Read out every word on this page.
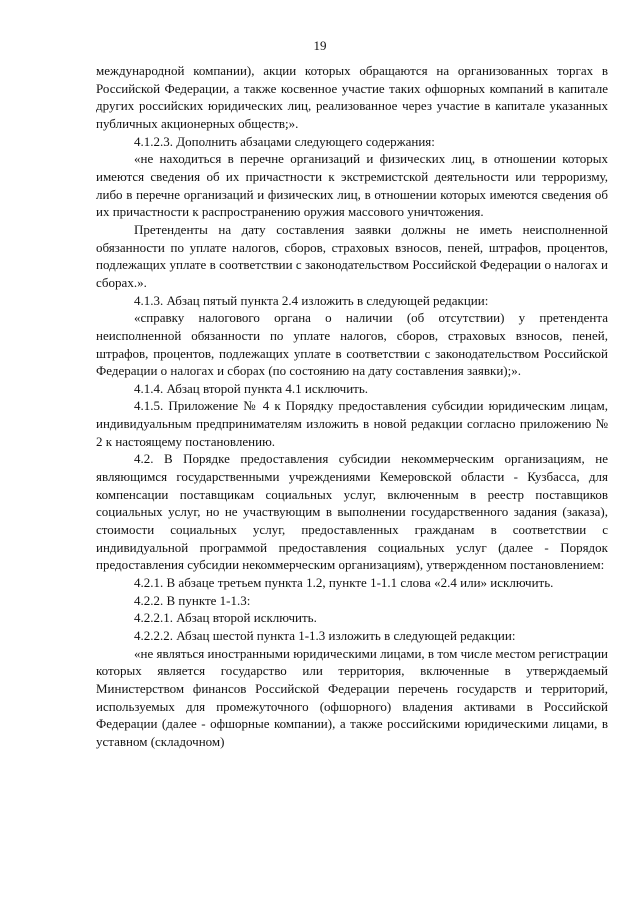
19

международной компании), акции которых обращаются на организованных торгах в Российской Федерации, а также косвенное участие таких офшорных компаний в капитале других российских юридических лиц, реализованное через участие в капитале указанных публичных акционерных обществ;».

4.1.2.3. Дополнить абзацами следующего содержания:

«не находиться в перечне организаций и физических лиц, в отношении которых имеются сведения об их причастности к экстремистской деятельности или терроризму, либо в перечне организаций и физических лиц, в отношении которых имеются сведения об их причастности к распространению оружия массового уничтожения.

Претенденты на дату составления заявки должны не иметь неисполненной обязанности по уплате налогов, сборов, страховых взносов, пеней, штрафов, процентов, подлежащих уплате в соответствии с законодательством Российской Федерации о налогах и сборах.».

4.1.3. Абзац пятый пункта 2.4 изложить в следующей редакции:

«справку налогового органа о наличии (об отсутствии) у претендента неисполненной обязанности по уплате налогов, сборов, страховых взносов, пеней, штрафов, процентов, подлежащих уплате в соответствии с законодательством Российской Федерации о налогах и сборах (по состоянию на дату составления заявки);».

4.1.4. Абзац второй пункта 4.1 исключить.

4.1.5. Приложение № 4 к Порядку предоставления субсидии юридическим лицам, индивидуальным предпринимателям изложить в новой редакции согласно приложению № 2 к настоящему постановлению.

4.2. В Порядке предоставления субсидии некоммерческим организациям, не являющимся государственными учреждениями Кемеровской области - Кузбасса, для компенсации поставщикам социальных услуг, включенным в реестр поставщиков социальных услуг, но не участвующим в выполнении государственного задания (заказа), стоимости социальных услуг, предоставленных гражданам в соответствии с индивидуальной программой предоставления социальных услуг (далее - Порядок предоставления субсидии некоммерческим организациям), утвержденном постановлением:

4.2.1. В абзаце третьем пункта 1.2, пункте 1-1.1 слова «2.4 или» исключить.

4.2.2. В пункте 1-1.3:

4.2.2.1. Абзац второй исключить.

4.2.2.2. Абзац шестой пункта 1-1.3 изложить в следующей редакции:

«не являться иностранными юридическими лицами, в том числе местом регистрации которых является государство или территория, включенные в утверждаемый Министерством финансов Российской Федерации перечень государств и территорий, используемых для промежуточного (офшорного) владения активами в Российской Федерации (далее - офшорные компании), а также российскими юридическими лицами, в уставном (складочном)
